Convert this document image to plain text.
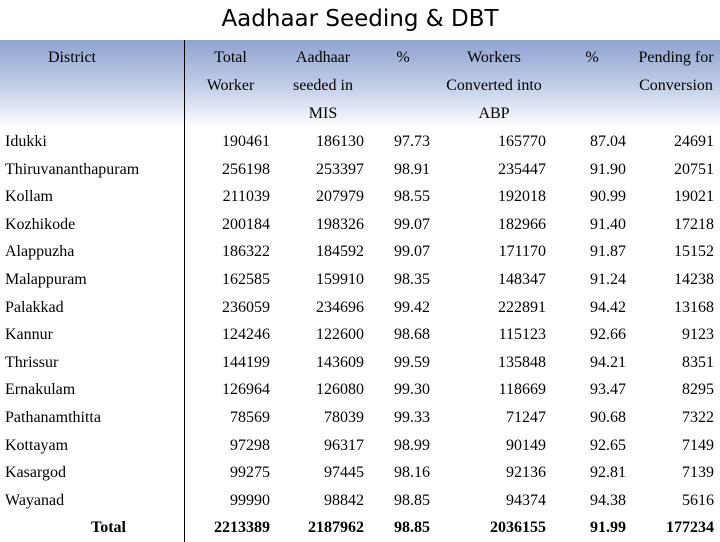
Aadhaar Seeding & DBT
District	Total Worker	Aadhaar seeded in MIS	%	Workers Converted into ABP	%	Pending for Conversion
Idukki	190461	186130	97.73	165770	87.04	24691
Thiruvananthapuram	256198	253397	98.91	235447	91.90	20751
Kollam	211039	207979	98.55	192018	90.99	19021
Kozhikode	200184	198326	99.07	182966	91.40	17218
Alappuzha	186322	184592	99.07	171170	91.87	15152
Malappuram	162585	159910	98.35	148347	91.24	14238
Palakkad	236059	234696	99.42	222891	94.42	13168
Kannur	124246	122600	98.68	115123	92.66	9123
Thrissur	144199	143609	99.59	135848	94.21	8351
Ernakulam	126964	126080	99.30	118669	93.47	8295
Pathanamthitta	78569	78039	99.33	71247	90.68	7322
Kottayam	97298	96317	98.99	90149	92.65	7149
Kasargod	99275	97445	98.16	92136	92.81	7139
Wayanad	99990	98842	98.85	94374	94.38	5616
Total	2213389	2187962	98.85	2036155	91.99	177234
